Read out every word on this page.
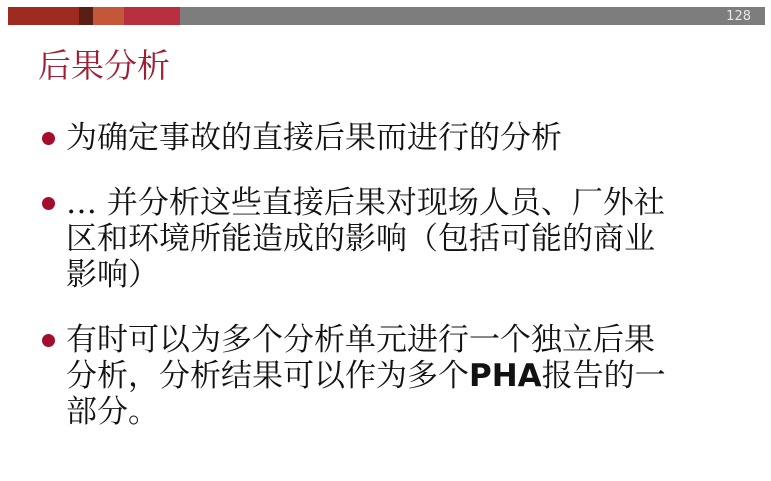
128
后果分析

为确定事故的直接后果而进行的分析

… 并分析这些直接后果对现场人员、厂外社
区和环境所能造成的影响（包括可能的商业
影响）

有时可以为多个分析单元进行一个独立后果
分析，分析结果可以作为多个PHA报告的一
部分。
